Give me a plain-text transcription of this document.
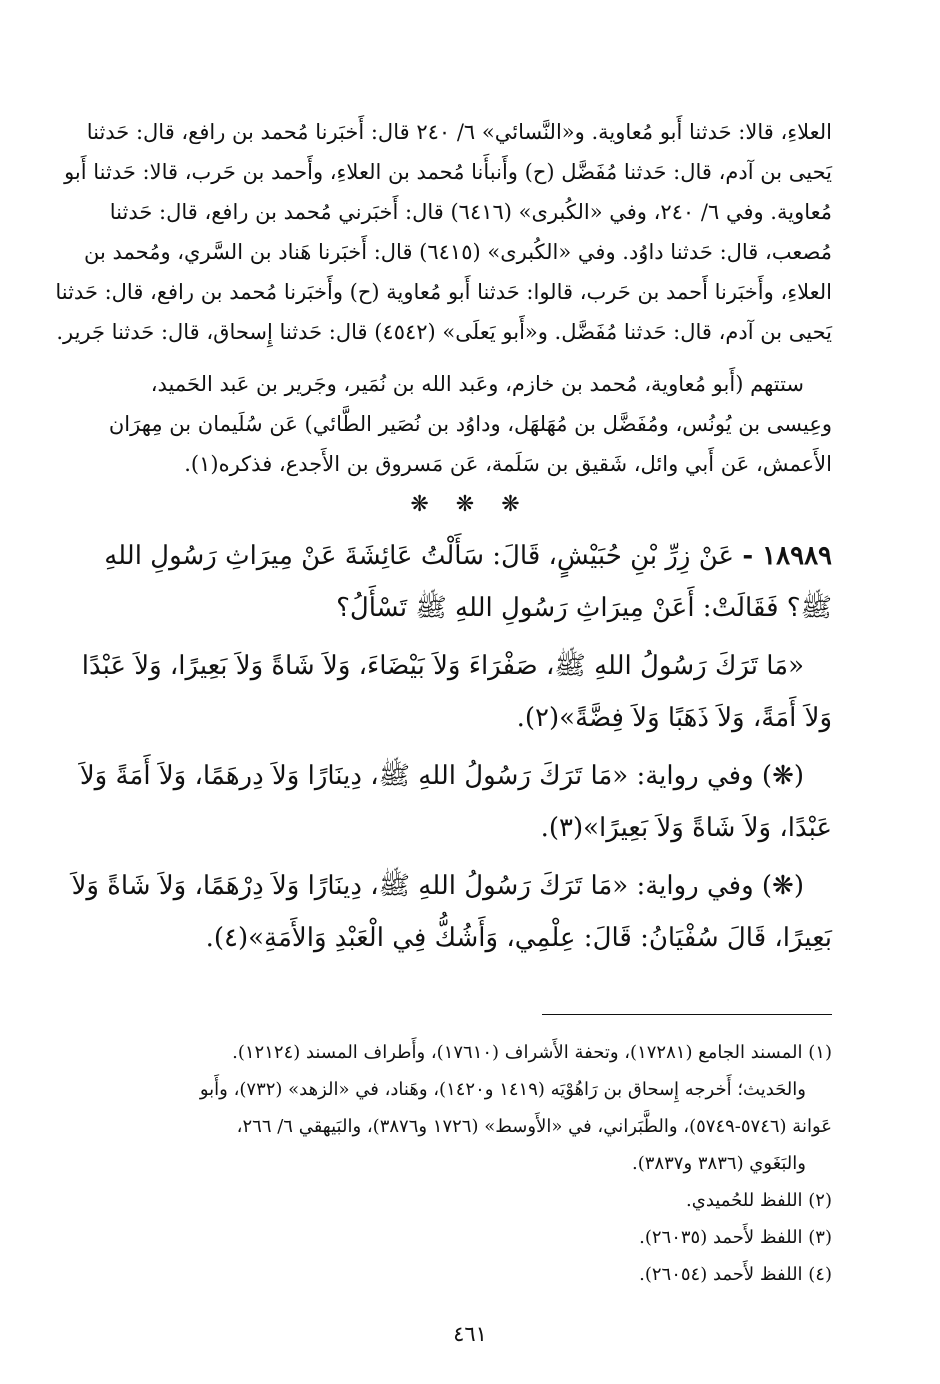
العلاءِ، قالا: حَدثنا أَبو مُعاوية. و«النَّسائي» ٦/ ٢٤٠ قال: أَخبَرنا مُحمد بن رافع، قال: حَدثنا
يَحيى بن آدم، قال: حَدثنا مُفَضَّل (ح) وأَنبأَنا مُحمد بن العلاءِ، وأَحمد بن حَرب، قالا: حَدثنا أَبو
مُعاوية. وفي ٦/ ٢٤٠، وفي «الكُبرى» (٦٤١٦) قال: أَخبَرني مُحمد بن رافع، قال: حَدثنا
مُصعب، قال: حَدثنا داوُد. وفي «الكُبرى» (٦٤١٥) قال: أَخبَرنا هَناد بن السَّري، ومُحمد بن
العلاءِ، وأَخبَرنا أَحمد بن حَرب، قالوا: حَدثنا أَبو مُعاوية (ح) وأَخبَرنا مُحمد بن رافع، قال: حَدثنا
يَحيى بن آدم، قال: حَدثنا مُفَضَّل. و«أَبو يَعلَى» (٤٥٤٢) قال: حَدثنا إِسحاق، قال: حَدثنا جَرير.
ستتهم (أَبو مُعاوية، مُحمد بن خازم، وعَبد الله بن نُمَير، وجَرير بن عَبد الحَميد،
وعِيسى بن يُونُس، ومُفَضَّل بن مُهَلهَل، وداوُد بن نُصَير الطَّائي) عَن سُلَيمان بن مِهرَان
الأَعمش، عَن أَبي وائل، شَقيق بن سَلَمة، عَن مَسروق بن الأَجدع، فذكره(١).
❋ ❋ ❋
١٨٩٨٩ - عَنْ زِرِّ بْنِ حُبَيْشٍ، قَالَ: سَأَلْتُ عَائِشَةَ عَنْ مِيرَاثِ رَسُولِ اللهِ
ﷺ؟ فَقَالَتْ: أَعَنْ مِيرَاثِ رَسُولِ اللهِ ﷺ تَسْأَلُ؟
«مَا تَرَكَ رَسُولُ اللهِ ﷺ، صَفْرَاءَ وَلاَ بَيْضَاءَ، وَلاَ شَاةً وَلاَ بَعِيرًا، وَلاَ عَبْدًا
وَلاَ أَمَةً، وَلاَ ذَهَبًا وَلاَ فِضَّةً»(٢).
(❋) وفي رواية: «مَا تَرَكَ رَسُولُ اللهِ ﷺ، دِينَارًا وَلاَ دِرهَمًا، وَلاَ أَمَةً وَلاَ
عَبْدًا، وَلاَ شَاةً وَلاَ بَعِيرًا»(٣).
(❋) وفي رواية: «مَا تَرَكَ رَسُولُ اللهِ ﷺ، دِينَارًا وَلاَ دِرْهَمًا، وَلاَ شَاةً وَلاَ
بَعِيرًا، قَالَ سُفْيَانُ: قَالَ: عِلْمِي، وَأَشُكُّ فِي الْعَبْدِ وَالأَمَةِ»(٤).
(١) المسند الجامع (١٧٢٨١)، وتحفة الأَشراف (١٧٦١٠)، وأَطراف المسند (١٢١٢٤).
والحَديث؛ أَخرجه إِسحاق بن رَاهُوْيَه (١٤١٩ و١٤٢٠)، وهَناد، في «الزهد» (٧٣٢)، وأَبو
عَوانة (٥٧٤٦-٥٧٤٩)، والطَّبَراني، في «الأَوسط» (١٧٢٦ و٣٨٧٦)، والبَيهقي ٦/ ٢٦٦،
والبَغَوي (٣٨٣٦ و٣٨٣٧).
(٢) اللفظ للحُميدي.
(٣) اللفظ لأَحمد (٢٦٠٣٥).
(٤) اللفظ لأَحمد (٢٦٠٥٤).
٤٦١
